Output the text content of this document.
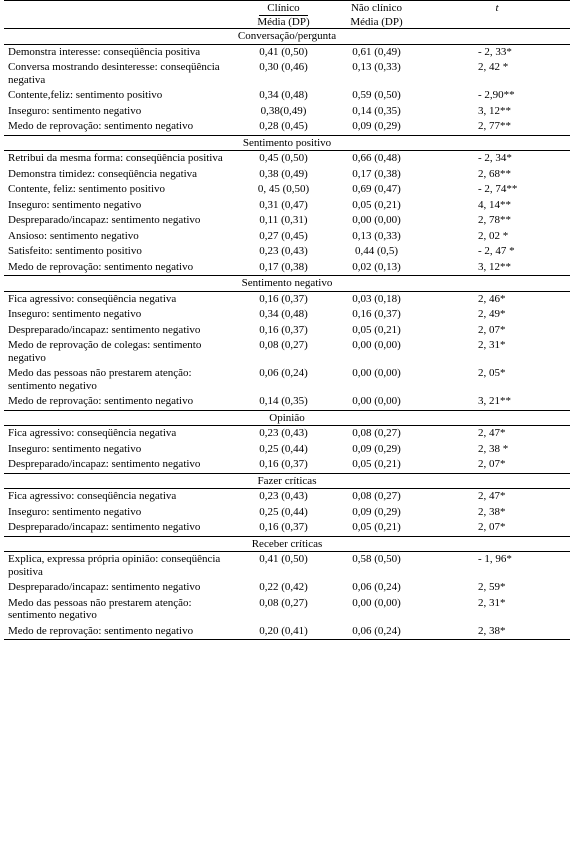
	Clínico	Não clínico	t
	Média (DP)	Média (DP)	
Conversação/pergunta			
Demonstra interesse: conseqüência positiva	0,41 (0,50)	0,61 (0,49)	- 2, 33*
Conversa mostrando desinteresse: conseqüência negativa	0,30 (0,46)	0,13 (0,33)	2, 42 *
Contente,feliz: sentimento positivo	0,34 (0,48)	0,59 (0,50)	- 2,90**
Inseguro: sentimento negativo	0,38(0,49)	0,14 (0,35)	3, 12**
Medo de reprovação: sentimento negativo	0,28 (0,45)	0,09 (0,29)	2, 77**
Sentimento positivo			
Retribui da mesma forma: conseqüência positiva	0,45 (0,50)	0,66 (0,48)	- 2, 34*
Demonstra timidez: conseqüência negativa	0,38 (0,49)	0,17 (0,38)	2, 68**
Contente, feliz: sentimento positivo	0, 45 (0,50)	0,69 (0,47)	- 2, 74**
Inseguro: sentimento negativo	0,31 (0,47)	0,05 (0,21)	4, 14**
Despreparado/incapaz: sentimento negativo	0,11 (0,31)	0,00 (0,00)	2, 78**
Ansioso: sentimento negativo	0,27 (0,45)	0,13 (0,33)	2, 02 *
Satisfeito: sentimento positivo	0,23 (0,43)	0,44 (0,5)	- 2, 47 *
Medo de reprovação: sentimento negativo	0,17 (0,38)	0,02 (0,13)	3, 12**
Sentimento negativo			
Fica agressivo: conseqüência negativa	0,16 (0,37)	0,03 (0,18)	2, 46*
Inseguro: sentimento negativo	0,34 (0,48)	0,16 (0,37)	2, 49*
Despreparado/incapaz: sentimento negativo	0,16 (0,37)	0,05 (0,21)	2, 07*
Medo de reprovação de colegas: sentimento negativo	0,08 (0,27)	0,00 (0,00)	2, 31*
Medo das pessoas não prestarem atenção: sentimento negativo	0,06 (0,24)	0,00 (0,00)	2, 05*
Medo de reprovação: sentimento negativo	0,14 (0,35)	0,00 (0,00)	3, 21**
Opinião			
Fica agressivo: conseqüência negativa	0,23 (0,43)	0,08 (0,27)	2, 47*
Inseguro: sentimento negativo	0,25 (0,44)	0,09 (0,29)	2, 38 *
Despreparado/incapaz: sentimento negativo	0,16 (0,37)	0,05 (0,21)	2, 07*
Fazer críticas			
Fica agressivo: conseqüência negativa	0,23 (0,43)	0,08 (0,27)	2, 47*
Inseguro: sentimento negativo	0,25 (0,44)	0,09 (0,29)	2, 38*
Despreparado/incapaz: sentimento negativo	0,16 (0,37)	0,05 (0,21)	2, 07*
Receber críticas			
Explica, expressa própria opinião: conseqüência positiva	0,41 (0,50)	0,58 (0,50)	- 1, 96*
Despreparado/incapaz: sentimento negativo	0,22 (0,42)	0,06 (0,24)	2, 59*
Medo das pessoas não prestarem atenção: sentimento negativo	0,08 (0,27)	0,00 (0,00)	2, 31*
Medo de reprovação: sentimento negativo	0,20 (0,41)	0,06 (0,24)	2, 38*
